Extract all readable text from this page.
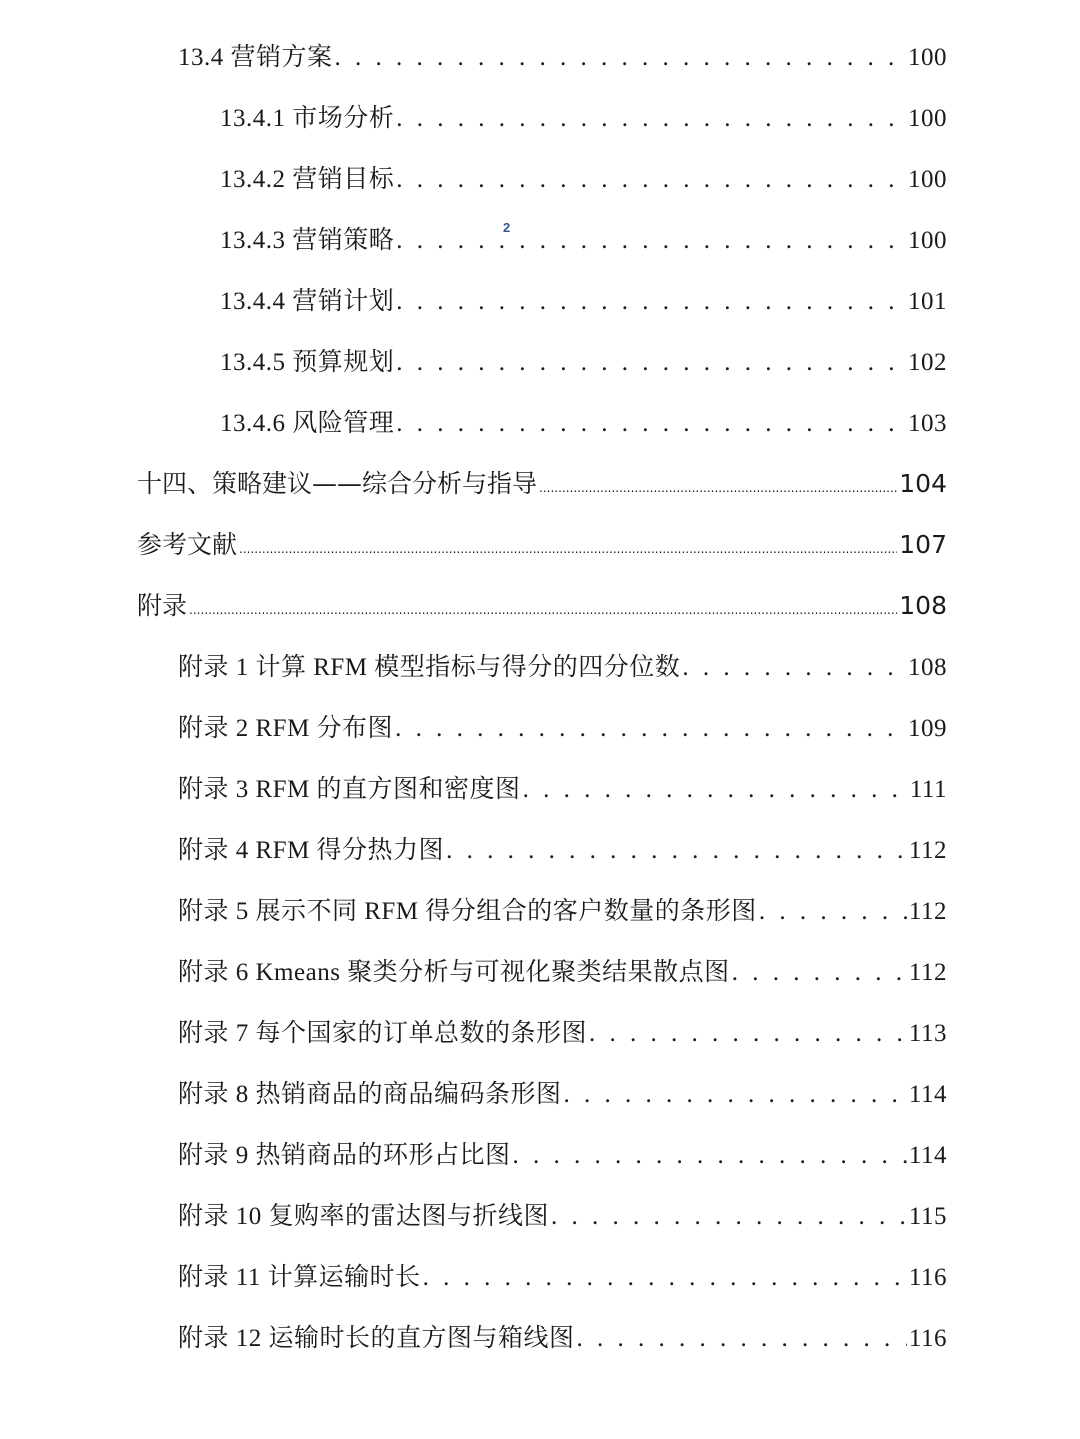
2
13.4 营销方案 . . .	100
13.4.1 市场分析 . . .	100
13.4.2 营销目标 . . .	100
13.4.3 营销策略 . . .	100
13.4.4 营销计划 . . .	101
13.4.5 预算规划 . . .	102
13.4.6 风险管理 . . .	103
十四、策略建议——综合分析与指导 .....	104
参考文献 .....	107
附录 .....	108
附录 1 计算 RFM 模型指标与得分的四分位数 . . .	108
附录 2 RFM 分布图 . . .	109
附录 3 RFM 的直方图和密度图 . . .	111
附录 4 RFM 得分热力图 . . .	112
附录 5 展示不同 RFM 得分组合的客户数量的条形图 . . .	112
附录 6 Kmeans 聚类分析与可视化聚类结果散点图 . . .	112
附录 7 每个国家的订单总数的条形图 . . .	113
附录 8 热销商品的商品编码条形图 . . .	114
附录 9 热销商品的环形占比图 . . .	114
附录 10 复购率的雷达图与折线图 . . .	115
附录 11 计算运输时长 . . .	116
附录 12 运输时长的直方图与箱线图 . . .	116
